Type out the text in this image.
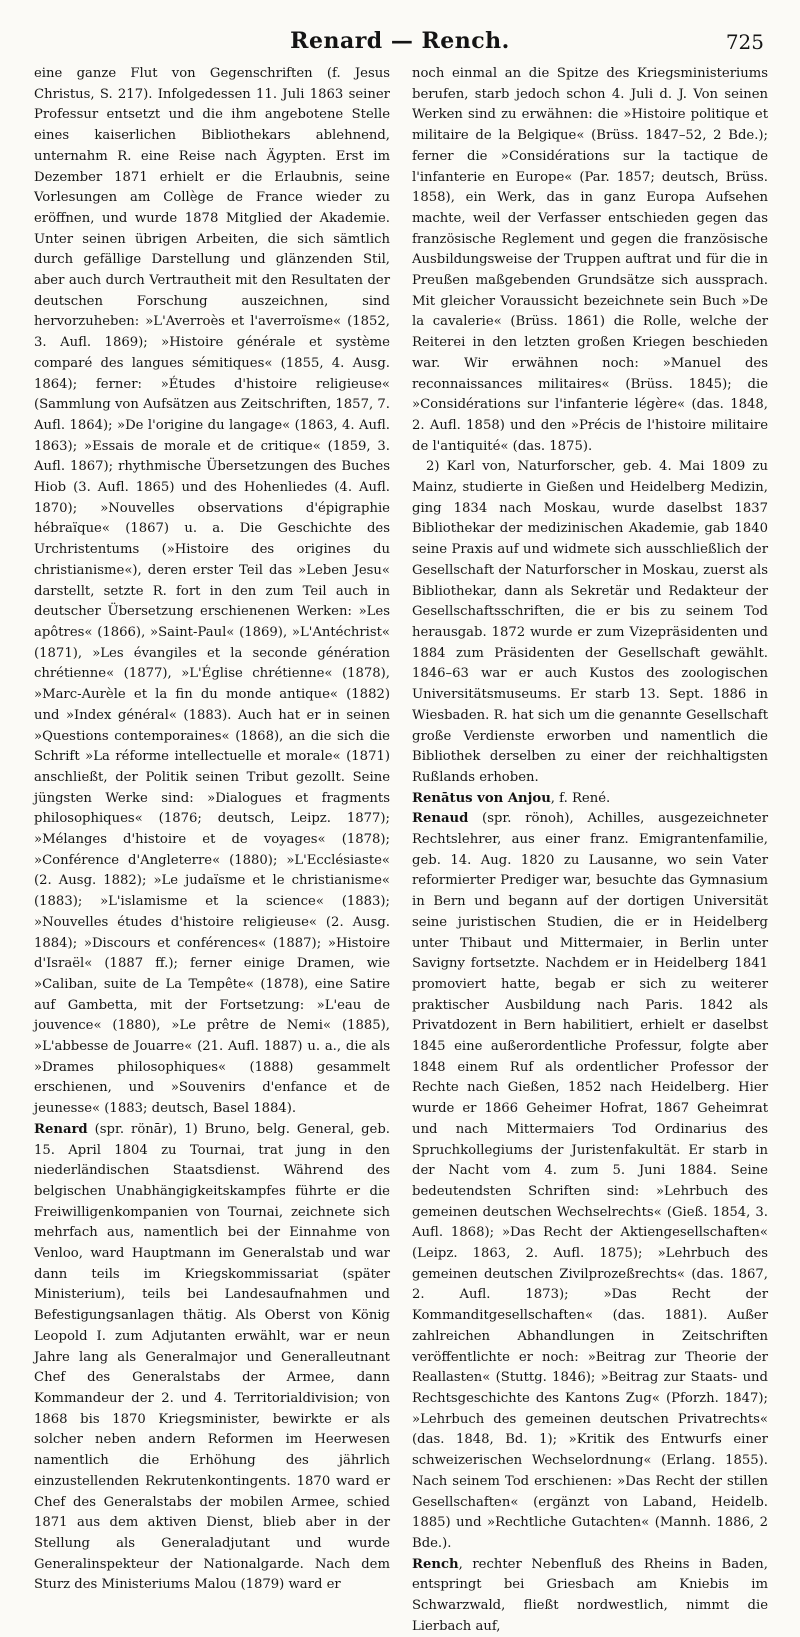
Renard — Rench.	725

eine ganze Flut von Gegenschriften (f. Jesus Christus, S. 217). Infolgedessen 11. Juli 1863 seiner Professur entsetzt und die ihm angebotene Stelle eines kaiserlichen Bibliothekars ablehnend, unternahm R. eine Reise nach Ägypten. Erst im Dezember 1871 erhielt er die Erlaubnis, seine Vorlesungen am Collège de France wieder zu eröffnen, und wurde 1878 Mitglied der Akademie. Unter seinen übrigen Arbeiten, die sich sämtlich durch gefällige Darstellung und glänzenden Stil, aber auch durch Vertrautheit mit den Resultaten der deutschen Forschung auszeichnen, sind hervorzuheben: »L'Averroès et l'averroïsme« (1852, 3. Aufl. 1869); »Histoire générale et système comparé des langues sémitiques« (1855, 4. Ausg. 1864); ferner: »Études d'histoire religieuse« (Sammlung von Aufsätzen aus Zeitschriften, 1857, 7. Aufl. 1864); »De l'origine du langage« (1863, 4. Aufl. 1863); »Essais de morale et de critique« (1859, 3. Aufl. 1867); rhythmische Übersetzungen des Buches Hiob (3. Aufl. 1865) und des Hohenliedes (4. Aufl. 1870); »Nouvelles observations d'épigraphie hébraïque« (1867) u. a. Die Geschichte des Urchristentums (»Histoire des origines du christianisme«), deren erster Teil das »Leben Jesu« darstellt, setzte R. fort in den zum Teil auch in deutscher Übersetzung erschienenen Werken: »Les apôtres« (1866), »Saint-Paul« (1869), »L'Antéchrist« (1871), »Les évangiles et la seconde génération chrétienne« (1877), »L'Église chrétienne« (1878), »Marc-Aurèle et la fin du monde antique« (1882) und »Index général« (1883). Auch hat er in seinen »Questions contemporaines« (1868), an die sich die Schrift »La réforme intellectuelle et morale« (1871) anschließt, der Politik seinen Tribut gezollt. Seine jüngsten Werke sind: »Dialogues et fragments philosophiques« (1876; deutsch, Leipz. 1877); »Mélanges d'histoire et de voyages« (1878); »Conférence d'Angleterre« (1880); »L'Ecclésiaste« (2. Ausg. 1882); »Le judaïsme et le christianisme« (1883); »L'islamisme et la science« (1883); »Nouvelles études d'histoire religieuse« (2. Ausg. 1884); »Discours et conférences« (1887); »Histoire d'Israël« (1887 ff.); ferner einige Dramen, wie »Caliban, suite de La Tempête« (1878), eine Satire auf Gambetta, mit der Fortsetzung: »L'eau de jouvence« (1880), »Le prêtre de Nemi« (1885), »L'abbesse de Jouarre« (21. Aufl. 1887) u. a., die als »Drames philosophiques« (1888) gesammelt erschienen, und »Souvenirs d'enfance et de jeunesse« (1883; deutsch, Basel 1884).

Renard (spr. rönār), 1) Bruno, belg. General, geb. 15. April 1804 zu Tournai, trat jung in den niederländischen Staatsdienst. Während des belgischen Unabhängigkeitskampfes führte er die Freiwilligenkompanien von Tournai, zeichnete sich mehrfach aus, namentlich bei der Einnahme von Venloo, ward Hauptmann im Generalstab und war dann teils im Kriegskommissariat (später Ministerium), teils bei Landesaufnahmen und Befestigungsanlagen thätig. Als Oberst von König Leopold I. zum Adjutanten erwählt, war er neun Jahre lang als Generalmajor und Generalleutnant Chef des Generalstabs der Armee, dann Kommandeur der 2. und 4. Territorialdivision; von 1868 bis 1870 Kriegsminister, bewirkte er als solcher neben andern Reformen im Heerwesen namentlich die Erhöhung des jährlich einzustellenden Rekrutenkontingents. 1870 ward er Chef des Generalstabs der mobilen Armee, schied 1871 aus dem aktiven Dienst, blieb aber in der Stellung als Generaladjutant und wurde Generalinspekteur der Nationalgarde. Nach dem Sturz des Ministeriums Malou (1879) ward er

noch einmal an die Spitze des Kriegsministeriums berufen, starb jedoch schon 4. Juli d. J. Von seinen Werken sind zu erwähnen: die »Histoire politique et militaire de la Belgique« (Brüss. 1847–52, 2 Bde.); ferner die »Considérations sur la tactique de l'infanterie en Europe« (Par. 1857; deutsch, Brüss. 1858), ein Werk, das in ganz Europa Aufsehen machte, weil der Verfasser entschieden gegen das französische Reglement und gegen die französische Ausbildungsweise der Truppen auftrat und für die in Preußen maßgebenden Grundsätze sich aussprach. Mit gleicher Voraussicht bezeichnete sein Buch »De la cavalerie« (Brüss. 1861) die Rolle, welche der Reiterei in den letzten großen Kriegen beschieden war. Wir erwähnen noch: »Manuel des reconnaissances militaires« (Brüss. 1845); die »Considérations sur l'infanterie légère« (das. 1848, 2. Aufl. 1858) und den »Précis de l'histoire militaire de l'antiquité« (das. 1875).

2) Karl von, Naturforscher, geb. 4. Mai 1809 zu Mainz, studierte in Gießen und Heidelberg Medizin, ging 1834 nach Moskau, wurde daselbst 1837 Bibliothekar der medizinischen Akademie, gab 1840 seine Praxis auf und widmete sich ausschließlich der Gesellschaft der Naturforscher in Moskau, zuerst als Bibliothekar, dann als Sekretär und Redakteur der Gesellschaftsschriften, die er bis zu seinem Tod herausgab. 1872 wurde er zum Vizepräsidenten und 1884 zum Präsidenten der Gesellschaft gewählt. 1846–63 war er auch Kustos des zoologischen Universitätsmuseums. Er starb 13. Sept. 1886 in Wiesbaden. R. hat sich um die genannte Gesellschaft große Verdienste erworben und namentlich die Bibliothek derselben zu einer der reichhaltigsten Rußlands erhoben.

Renātus von Anjou, f. René.

Renaud (spr. rönoh), Achilles, ausgezeichneter Rechtslehrer, aus einer franz. Emigrantenfamilie, geb. 14. Aug. 1820 zu Lausanne, wo sein Vater reformierter Prediger war, besuchte das Gymnasium in Bern und begann auf der dortigen Universität seine juristischen Studien, die er in Heidelberg unter Thibaut und Mittermaier, in Berlin unter Savigny fortsetzte. Nachdem er in Heidelberg 1841 promoviert hatte, begab er sich zu weiterer praktischer Ausbildung nach Paris. 1842 als Privatdozent in Bern habilitiert, erhielt er daselbst 1845 eine außerordentliche Professur, folgte aber 1848 einem Ruf als ordentlicher Professor der Rechte nach Gießen, 1852 nach Heidelberg. Hier wurde er 1866 Geheimer Hofrat, 1867 Geheimrat und nach Mittermaiers Tod Ordinarius des Spruchkollegiums der Juristenfakultät. Er starb in der Nacht vom 4. zum 5. Juni 1884. Seine bedeutendsten Schriften sind: »Lehrbuch des gemeinen deutschen Wechselrechts« (Gieß. 1854, 3. Aufl. 1868); »Das Recht der Aktiengesellschaften« (Leipz. 1863, 2. Aufl. 1875); »Lehrbuch des gemeinen deutschen Zivilprozeßrechts« (das. 1867, 2. Aufl. 1873); »Das Recht der Kommanditgesellschaften« (das. 1881). Außer zahlreichen Abhandlungen in Zeitschriften veröffentlichte er noch: »Beitrag zur Theorie der Reallasten« (Stuttg. 1846); »Beitrag zur Staats- und Rechtsgeschichte des Kantons Zug« (Pforzh. 1847); »Lehrbuch des gemeinen deutschen Privatrechts« (das. 1848, Bd. 1); »Kritik des Entwurfs einer schweizerischen Wechselordnung« (Erlang. 1855). Nach seinem Tod erschienen: »Das Recht der stillen Gesellschaften« (ergänzt von Laband, Heidelb. 1885) und »Rechtliche Gutachten« (Mannh. 1886, 2 Bde.).

Rench, rechter Nebenfluß des Rheins in Baden, entspringt bei Griesbach am Kniebis im Schwarzwald, fließt nordwestlich, nimmt die Lierbach auf,
